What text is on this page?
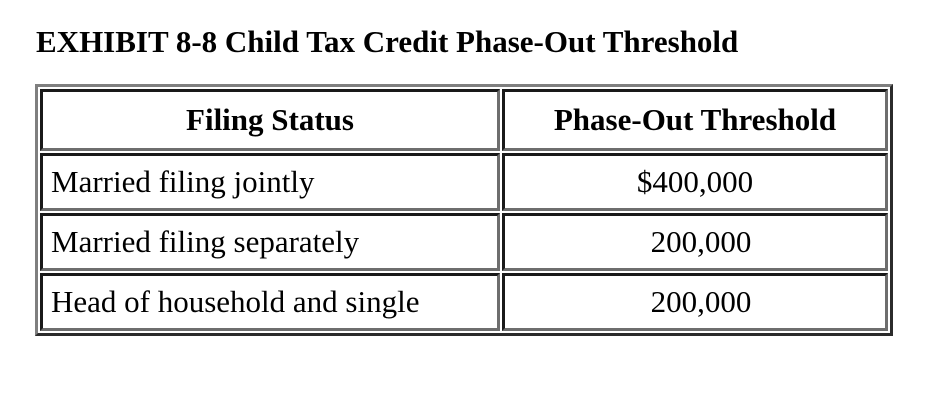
EXHIBIT 8-8 Child Tax Credit Phase-Out Threshold
Filing Status	Phase-Out Threshold
Married filing jointly	$400,000
Married filing separately	200,000
Head of household and single	200,000
